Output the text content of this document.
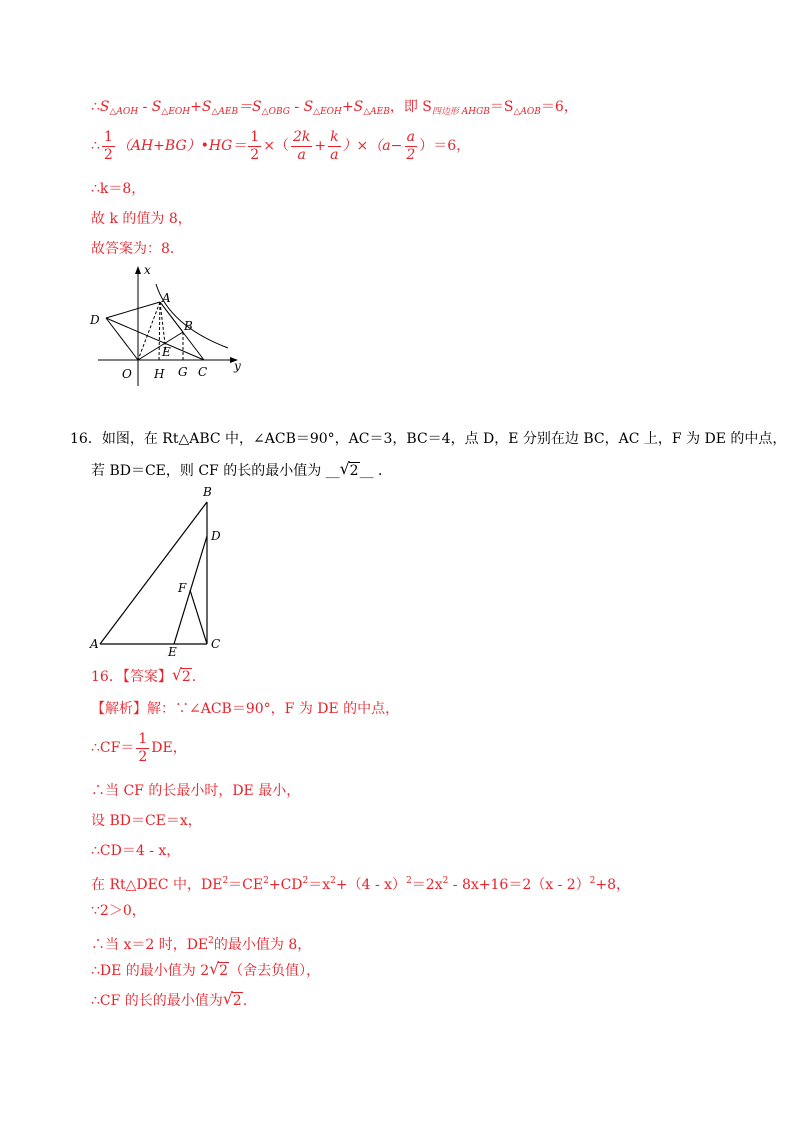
$\therefore S_{\triangle AOH} - S_{\triangle EOH}+S_{\triangle AEB}=S_{\triangle OBG} - S_{\triangle EOH}+S_{\triangle AEB}$，即 $S_{四边形 AHGB}=S_{\triangle AOB}=6$，
∴ $\frac{1}{2}$ （AH+BG）•HG＝ $\frac{1}{2}$ ×（ $\frac{2k}{a} + \frac{k}{a} )\times(a- \frac{a}{2} )=6$，
∴k＝8，
故 k 的值为 8，
故答案为：8．
x
A
D	B
E
O H G C y
16．如图，在 Rt△ABC 中，∠ACB＝90°，AC＝3，BC＝4，点 D，E 分别在边 BC，AC 上，F 为 DE 的中点，
若 BD＝CE，则 CF 的长的最小值为 __ √ 2__ ．
B
D
F
A
E
C
16．【答案】 √ 2.
【解析】解：∵∠ACB＝90°，F 为 DE 的中点，
∴CF＝ $\frac{1}{2}$ DE，
∴当 CF 的长最小时，DE 最小，
设 BD＝CE＝x，
∴CD＝4 - x，
在 Rt△DEC 中，$DE^2=CE^2+CD^2=x^2+(4 - x)^2=2x^2 - 8x+16=2(x - 2)^2+8$，
∵2＞0，
∴当 x＝2 时，$DE^2$的最小值为 8，
∴DE 的最小值为 2 √ 2（舍去负值），
∴CF 的长的最小值为 √ 2.
